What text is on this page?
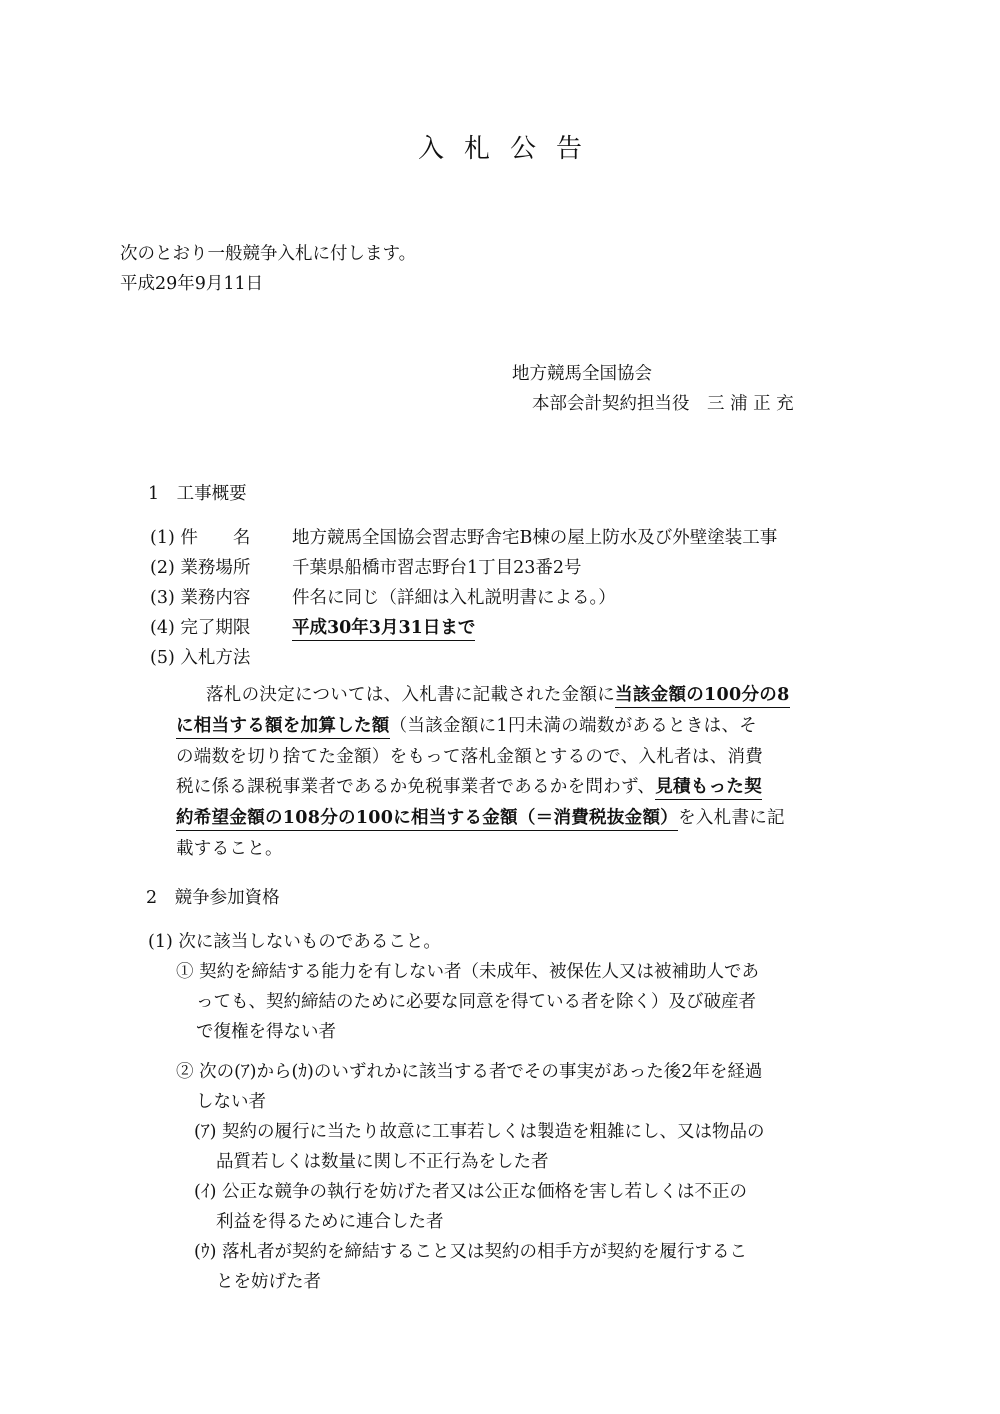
入札公告
次のとおり一般競争入札に付します。
平成29年9月11日
地方競馬全国協会
本部会計契約担当役　三 浦 正 充
1　工事概要
(1) 件　　名 地方競馬全国協会習志野舎宅B棟の屋上防水及び外壁塗装工事
(2) 業務場所 千葉県船橋市習志野台1丁目23番2号
(3) 業務内容 件名に同じ（詳細は入札説明書による。）
(4) 完了期限 平成30年3月31日まで
(5) 入札方法

落札の決定については、入札書に記載された金額に当該金額の100分の8

に相当する額を加算した額（当該金額に1円未満の端数があるときは、そ

の端数を切り捨てた金額）をもって落札金額とするので、入札者は、消費

税に係る課税事業者であるか免税事業者であるかを問わず、見積もった契

約希望金額の108分の100に相当する金額（＝消費税抜金額）を入札書に記

載すること。

2　競争参加資格
(1) 次に該当しないものであること。
① 契約を締結する能力を有しない者（未成年、被保佐人又は被補助人であ
っても、契約締結のために必要な同意を得ている者を除く）及び破産者
で復権を得ない者
② 次の(ｱ)から(ｶ)のいずれかに該当する者でその事実があった後2年を経過
しない者
(ｱ) 契約の履行に当たり故意に工事若しくは製造を粗雑にし、又は物品の
品質若しくは数量に関し不正行為をした者
(ｲ) 公正な競争の執行を妨げた者又は公正な価格を害し若しくは不正の
利益を得るために連合した者
(ｳ) 落札者が契約を締結すること又は契約の相手方が契約を履行するこ
とを妨げた者
